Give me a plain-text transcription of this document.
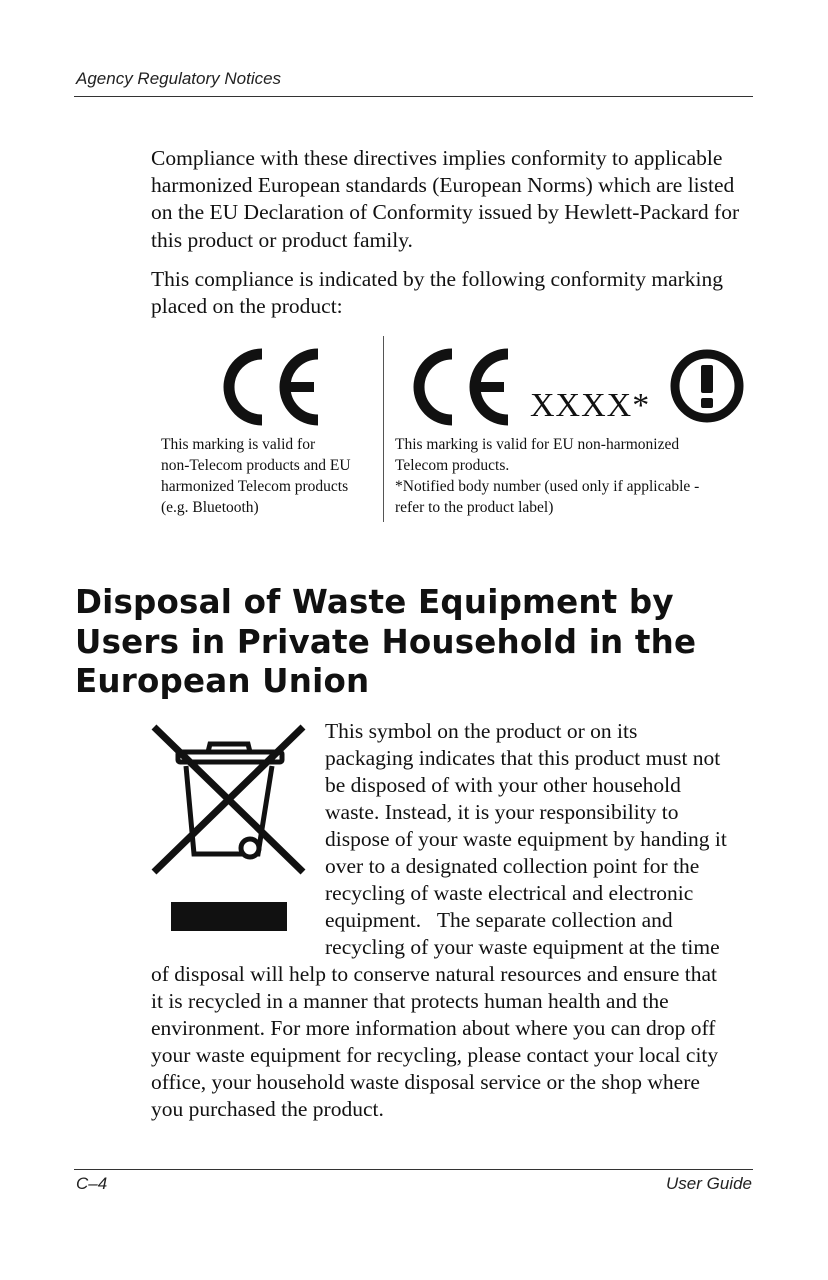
Agency Regulatory Notices
Compliance with these directives implies conformity to applicable harmonized European standards (European Norms) which are listed on the EU Declaration of Conformity issued by Hewlett-Packard for this product or product family.
This compliance is indicated by the following conformity marking placed on the product:
XXXX*
This marking is valid for
non-Telecom products and EU
harmonized Telecom products
(e.g. Bluetooth)
This marking is valid for EU non-harmonized
Telecom products.
*Notified body number (used only if applicable -
refer to the product label)
Disposal of Waste Equipment by Users in Private Household in the European Union
This symbol on the product or on its
packaging indicates that this product must not
be disposed of with your other household
waste. Instead, it is your responsibility to
dispose of your waste equipment by handing it
over to a designated collection point for the
recycling of waste electrical and electronic
equipment.   The separate collection and
recycling of your waste equipment at the time
of disposal will help to conserve natural resources and ensure that
it is recycled in a manner that protects human health and the
environment. For more information about where you can drop off
your waste equipment for recycling, please contact your local city
office, your household waste disposal service or the shop where
you purchased the product.
C–4	User Guide
